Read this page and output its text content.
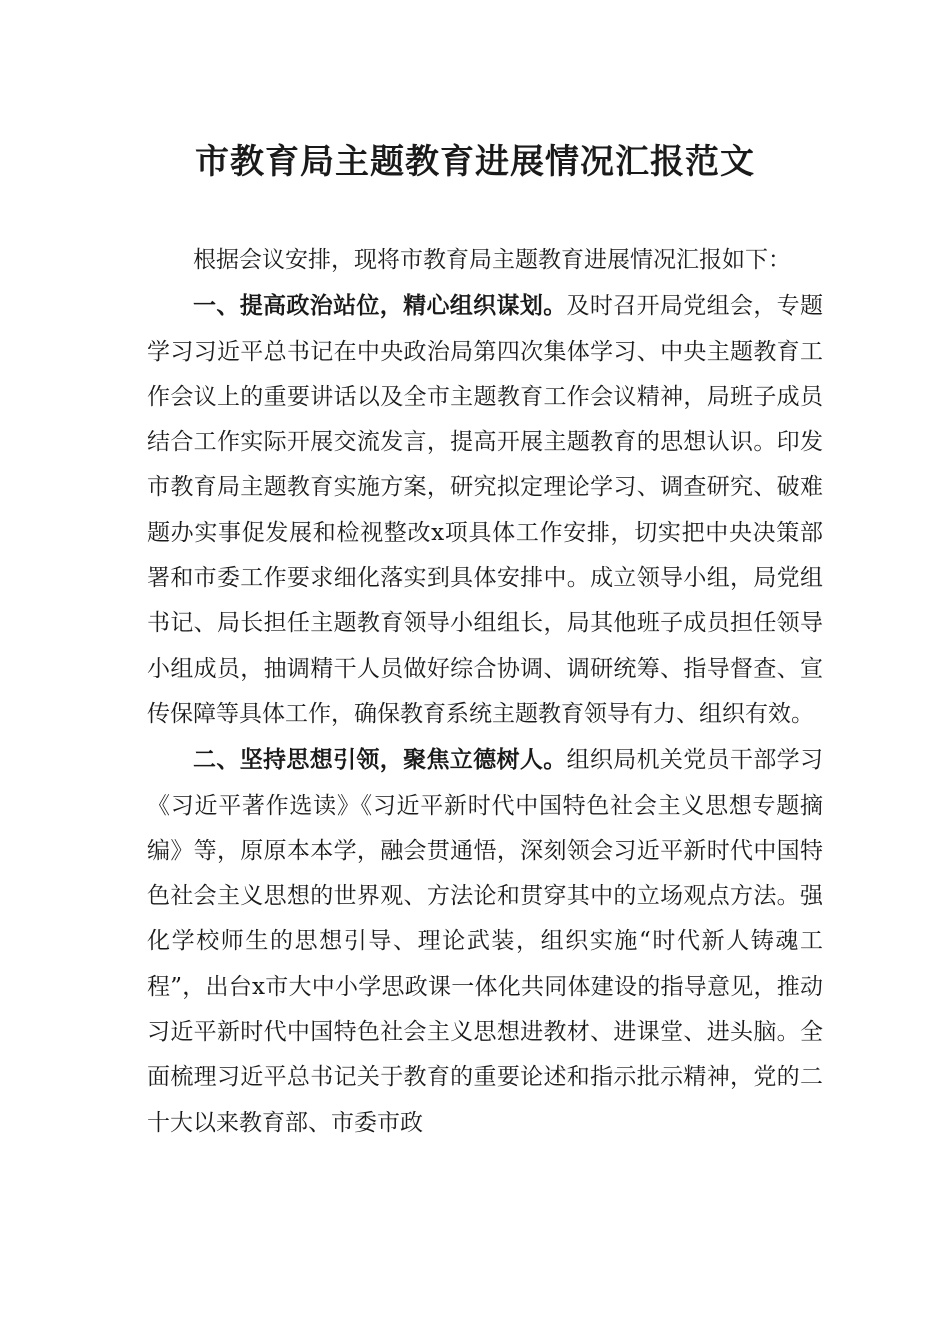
市教育局主题教育进展情况汇报范文

根据会议安排，现将市教育局主题教育进展情况汇报如下：

一、提高政治站位，精心组织谋划。及时召开局党组会，专题学习习近平总书记在中央政治局第四次集体学习、中央主题教育工作会议上的重要讲话以及全市主题教育工作会议精神，局班子成员结合工作实际开展交流发言，提高开展主题教育的思想认识。印发市教育局主题教育实施方案，研究拟定理论学习、调查研究、破难题办实事促发展和检视整改x项具体工作安排，切实把中央决策部署和市委工作要求细化落实到具体安排中。成立领导小组，局党组书记、局长担任主题教育领导小组组长，局其他班子成员担任领导小组成员，抽调精干人员做好综合协调、调研统筹、指导督查、宣传保障等具体工作，确保教育系统主题教育领导有力、组织有效。

二、坚持思想引领，聚焦立德树人。组织局机关党员干部学习《习近平著作选读》《习近平新时代中国特色社会主义思想专题摘编》等，原原本本学，融会贯通悟，深刻领会习近平新时代中国特色社会主义思想的世界观、方法论和贯穿其中的立场观点方法。强化学校师生的思想引导、理论武装，组织实施“时代新人铸魂工程”，出台x市大中小学思政课一体化共同体建设的指导意见，推动习近平新时代中国特色社会主义思想进教材、进课堂、进头脑。全面梳理习近平总书记关于教育的重要论述和指示批示精神，党的二十大以来教育部、市委市政
